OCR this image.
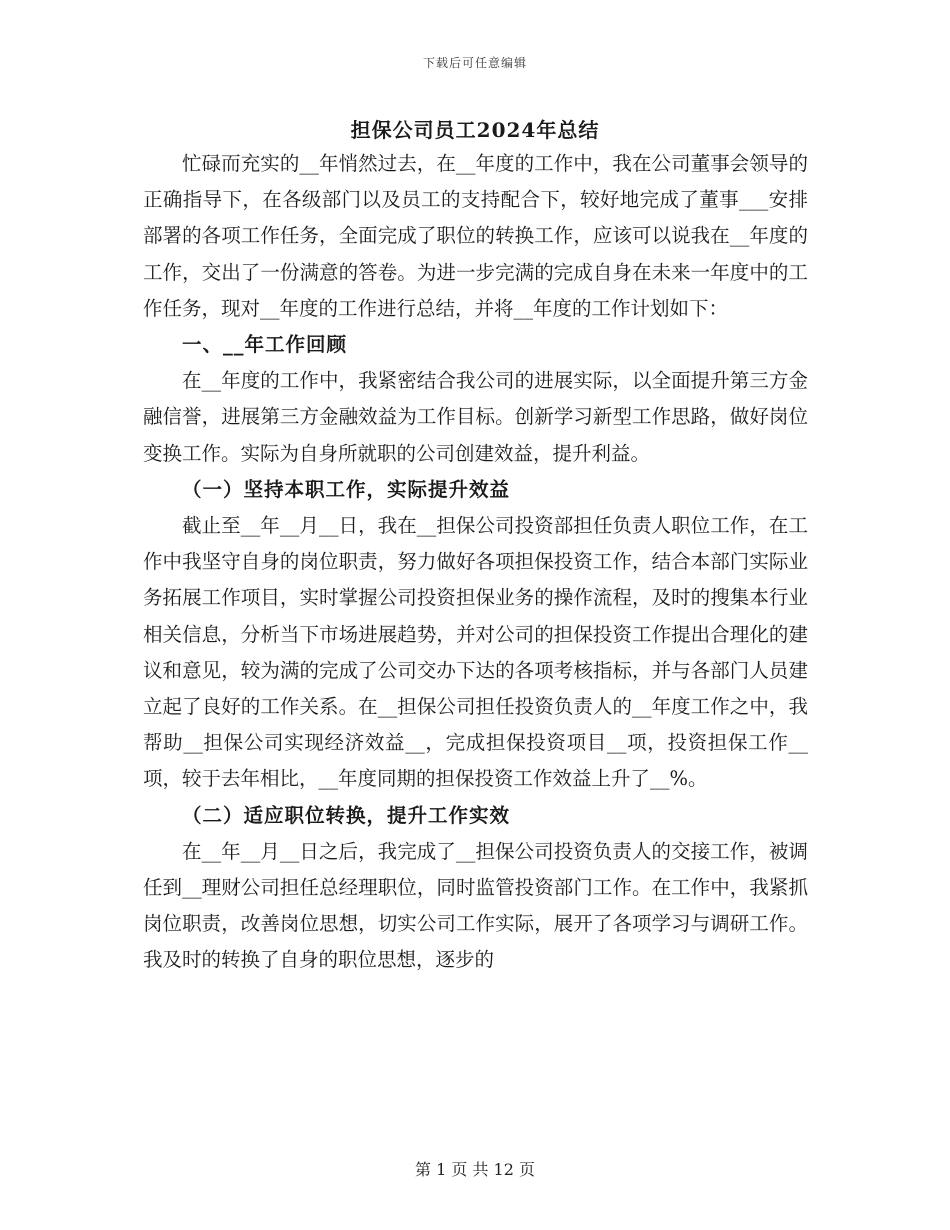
下载后可任意编辑
担保公司员工2024年总结

忙碌而充实的__年悄然过去，在__年度的工作中，我在公司董事会领导的正确指导下，在各级部门以及员工的支持配合下，较好地完成了董事___安排部署的各项工作任务，全面完成了职位的转换工作，应该可以说我在__年度的工作，交出了一份满意的答卷。为进一步完满的完成自身在未来一年度中的工作任务，现对__年度的工作进行总结，并将__年度的工作计划如下：

一、__年工作回顾

在__年度的工作中，我紧密结合我公司的进展实际，以全面提升第三方金融信誉，进展第三方金融效益为工作目标。创新学习新型工作思路，做好岗位变换工作。实际为自身所就职的公司创建效益，提升利益。

（一）坚持本职工作，实际提升效益

截止至__年__月__日，我在__担保公司投资部担任负责人职位工作，在工作中我坚守自身的岗位职责，努力做好各项担保投资工作，结合本部门实际业务拓展工作项目，实时掌握公司投资担保业务的操作流程，及时的搜集本行业相关信息，分析当下市场进展趋势，并对公司的担保投资工作提出合理化的建议和意见，较为满的完成了公司交办下达的各项考核指标，并与各部门人员建立起了良好的工作关系。在__担保公司担任投资负责人的__年度工作之中，我帮助__担保公司实现经济效益__，完成担保投资项目__项，投资担保工作__项，较于去年相比，__年度同期的担保投资工作效益上升了__%。

（二）适应职位转换，提升工作实效

在__年__月__日之后，我完成了__担保公司投资负责人的交接工作，被调任到__理财公司担任总经理职位，同时监管投资部门工作。在工作中，我紧抓岗位职责，改善岗位思想，切实公司工作实际，展开了各项学习与调研工作。我及时的转换了自身的职位思想，逐步的

第 1 页 共 12 页
